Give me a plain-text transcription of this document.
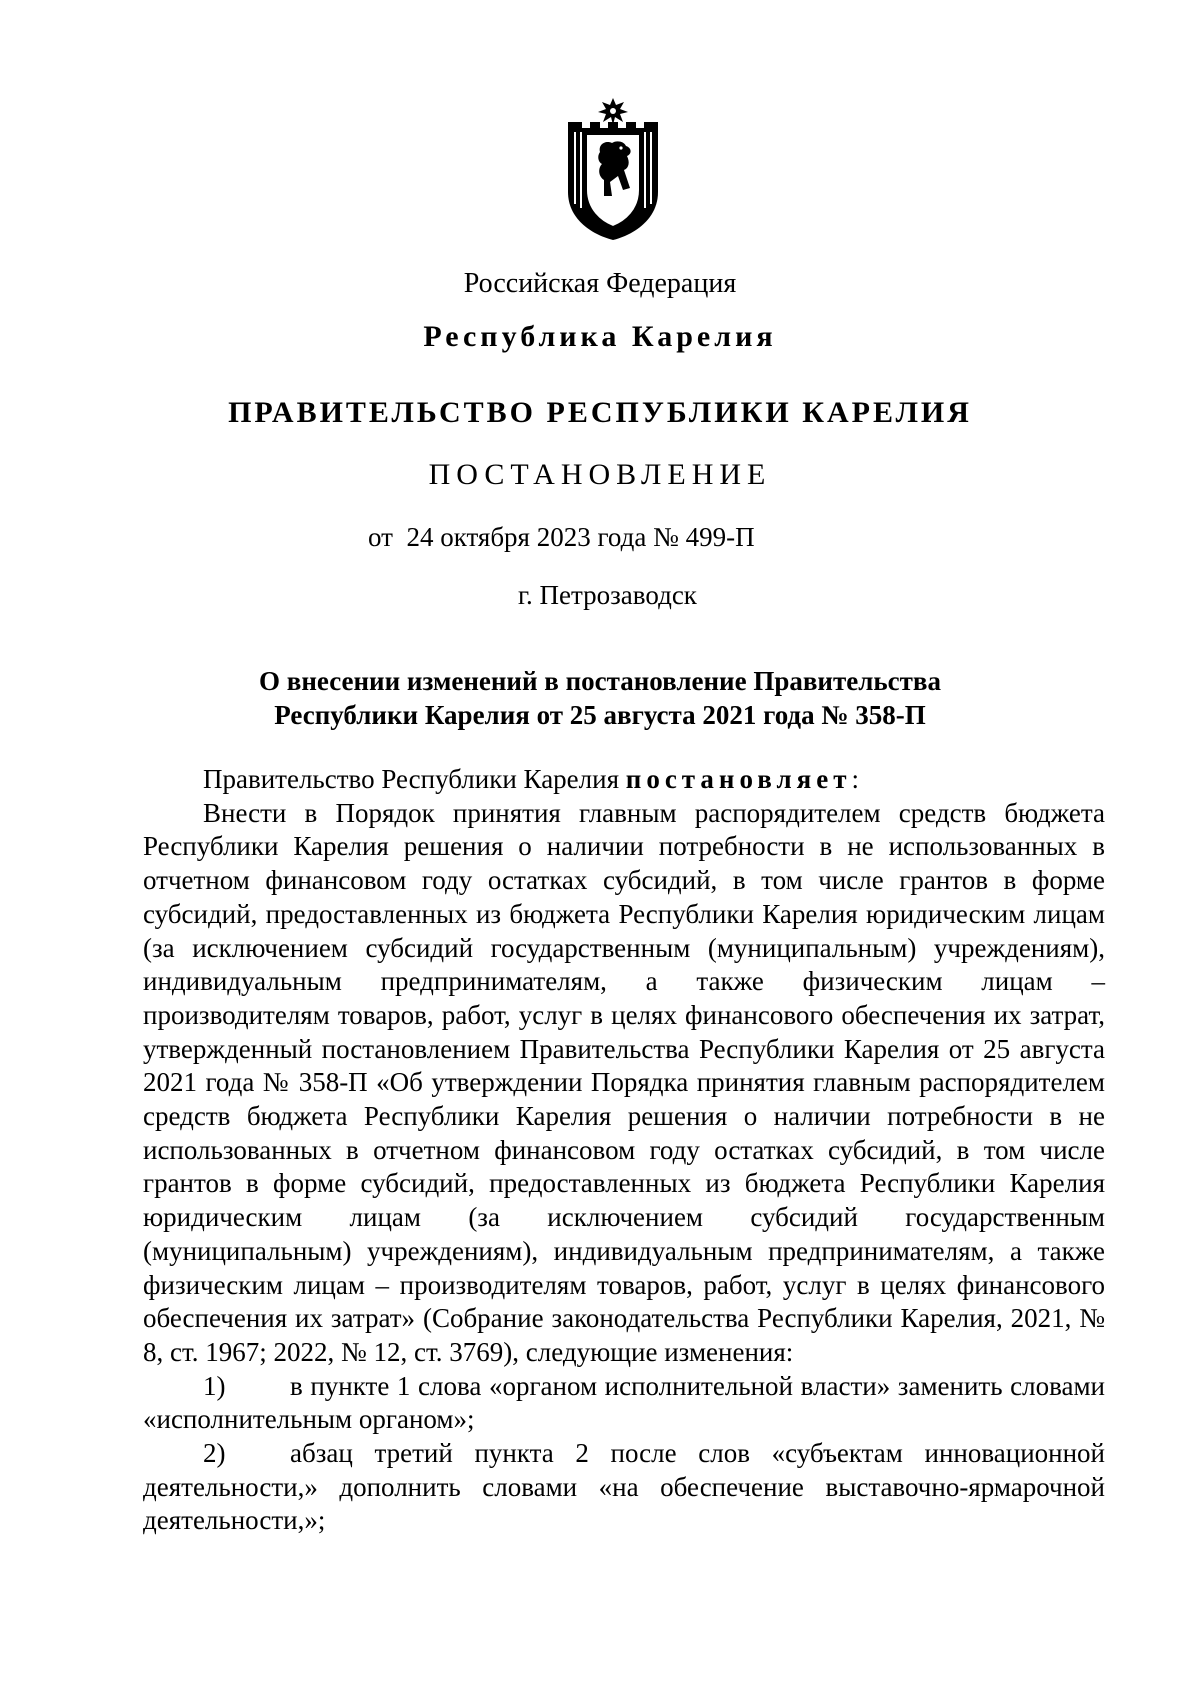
Российская Федерация
Республика Карелия
ПРАВИТЕЛЬСТВО РЕСПУБЛИКИ КАРЕЛИЯ
ПОСТАНОВЛЕНИЕ
от  24 октября 2023 года № 499-П
г. Петрозаводск
О внесении изменений в постановление Правительства
Республики Карелия от 25 августа 2021 года № 358-П

Правительство Республики Карелия постановляет:

Внести в Порядок принятия главным распорядителем средств бюджета Республики Карелия решения о наличии потребности в не использованных в отчетном финансовом году остатках субсидий, в том числе грантов в форме субсидий, предоставленных из бюджета Республики Карелия юридическим лицам (за исключением субсидий государственным (муниципальным) учреждениям), индивидуальным предпринимателям, а также физическим лицам – производителям товаров, работ, услуг в целях финансового обеспечения их затрат, утвержденный постановлением Правительства Республики Карелия от 25 августа 2021 года № 358-П «Об утверждении Порядка принятия главным распорядителем средств бюджета Республики Карелия решения о наличии потребности в не использованных в отчетном финансовом году остатках субсидий, в том числе грантов в форме субсидий, предоставленных из бюджета Республики Карелия юридическим лицам (за исключением субсидий государственным (муниципальным) учреждениям), индивидуальным предпринимателям, а также физическим лицам – производителям товаров, работ, услуг в целях финансового обеспечения их затрат» (Собрание законодательства Республики Карелия, 2021, № 8, ст. 1967; 2022, № 12, ст. 3769), следующие изменения:

1) в пункте 1 слова «органом исполнительной власти» заменить словами «исполнительным органом»;

2) абзац третий пункта 2 после слов «субъектам инновационной деятельности,» дополнить словами «на обеспечение выставочно-ярмарочной деятельности,»;
